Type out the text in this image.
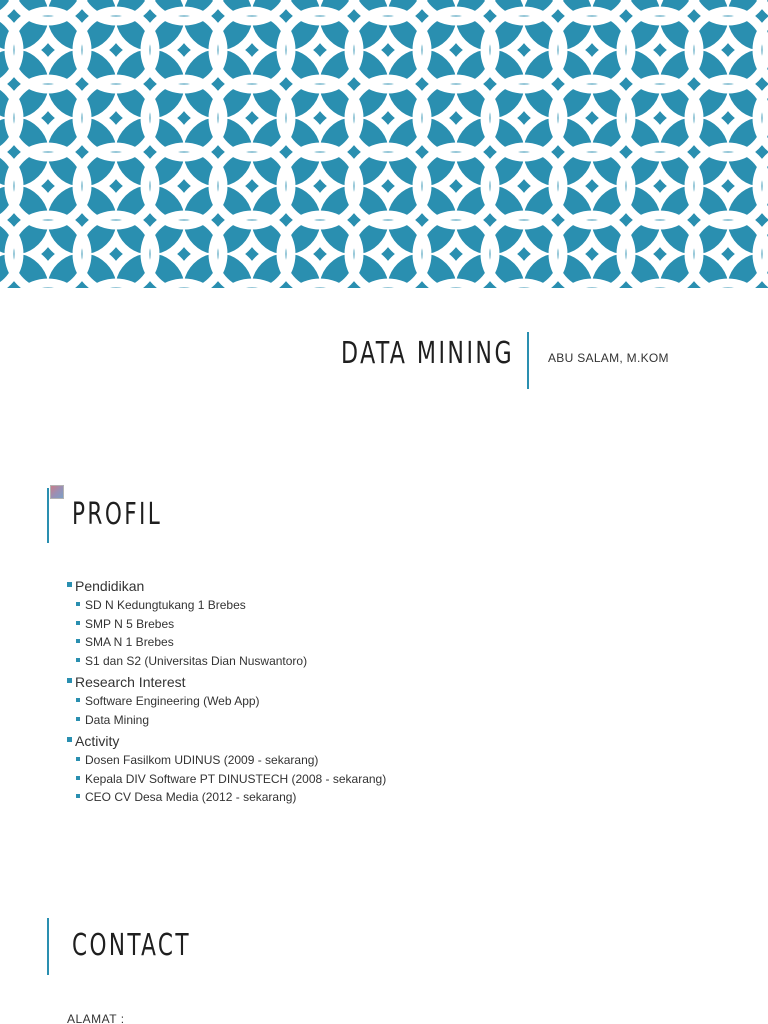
DATA MINING	ABU SALAM, M.KOM
PROFIL
Pendidikan
SD N Kedungtukang 1 Brebes
SMP N 5 Brebes
SMA N 1 Brebes
S1 dan S2 (Universitas Dian Nuswantoro)
Research Interest
Software Engineering (Web App)
Data Mining
Activity
Dosen Fasilkom UDINUS (2009 - sekarang)
Kepala DIV Software PT DINUSTECH (2008 - sekarang)
CEO CV Desa Media (2012 - sekarang)
CONTACT
ALAMAT :
